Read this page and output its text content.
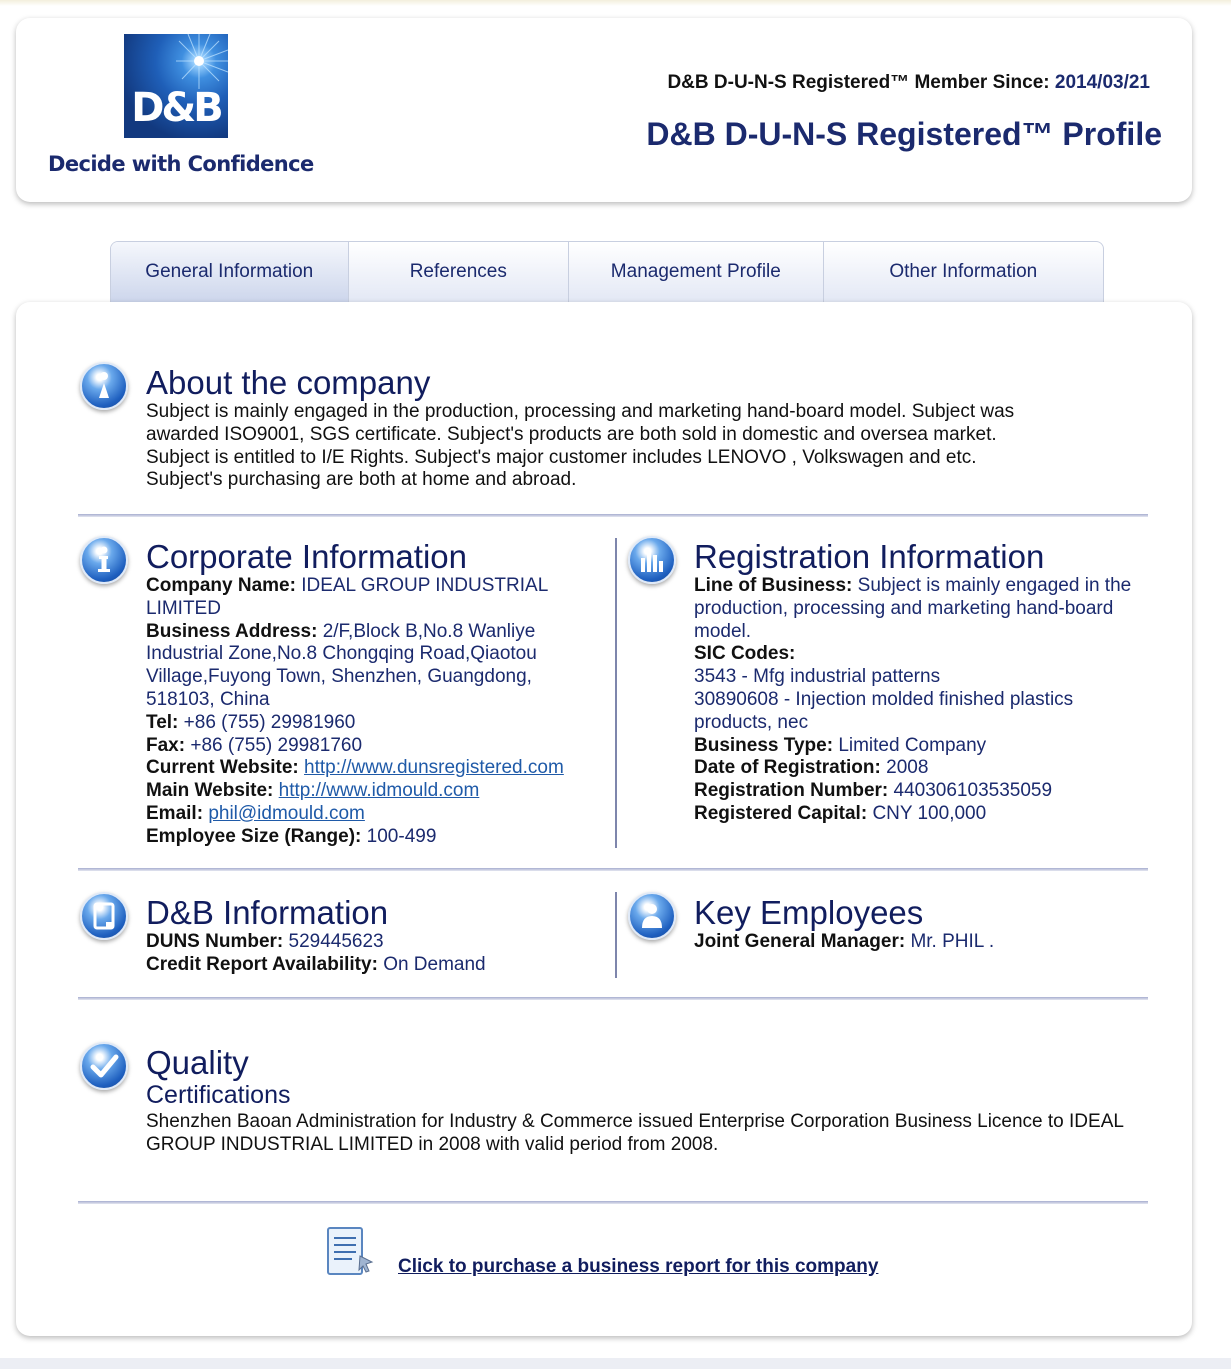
D&B
Decide with Confidence
D&B D-U-N-S Registered™ Member Since: 2014/03/21
D&B D-U-N-S Registered™ Profile
General Information	References	Management Profile	Other Information
About the company
Subject is mainly engaged in the production, processing and marketing hand-board model. Subject was awarded ISO9001, SGS certificate. Subject's products are both sold in domestic and oversea market. Subject is entitled to I/E Rights. Subject's major customer includes LENOVO , Volkswagen and etc. Subject's purchasing are both at home and abroad.
Corporate Information
Company Name: IDEAL GROUP INDUSTRIAL LIMITED
Business Address: 2/F,Block B,No.8 Wanliye Industrial Zone,No.8 Chongqing Road,Qiaotou Village,Fuyong Town, Shenzhen, Guangdong, 518103, China
Tel: +86 (755) 29981960
Fax: +86 (755) 29981760
Current Website: http://www.dunsregistered.com
Main Website: http://www.idmould.com
Email: phil@idmould.com
Employee Size (Range): 100-499
Registration Information
Line of Business: Subject is mainly engaged in the production, processing and marketing hand-board model.
SIC Codes:
3543 - Mfg industrial patterns
30890608 - Injection molded finished plastics products, nec
Business Type: Limited Company
Date of Registration: 2008
Registration Number: 440306103535059
Registered Capital: CNY 100,000
D&B Information
DUNS Number: 529445623
Credit Report Availability: On Demand
Key Employees
Joint General Manager: Mr. PHIL .
Quality
Certifications
Shenzhen Baoan Administration for Industry & Commerce issued Enterprise Corporation Business Licence to IDEAL GROUP INDUSTRIAL LIMITED in 2008 with valid period from 2008.
Click to purchase a business report for this company
